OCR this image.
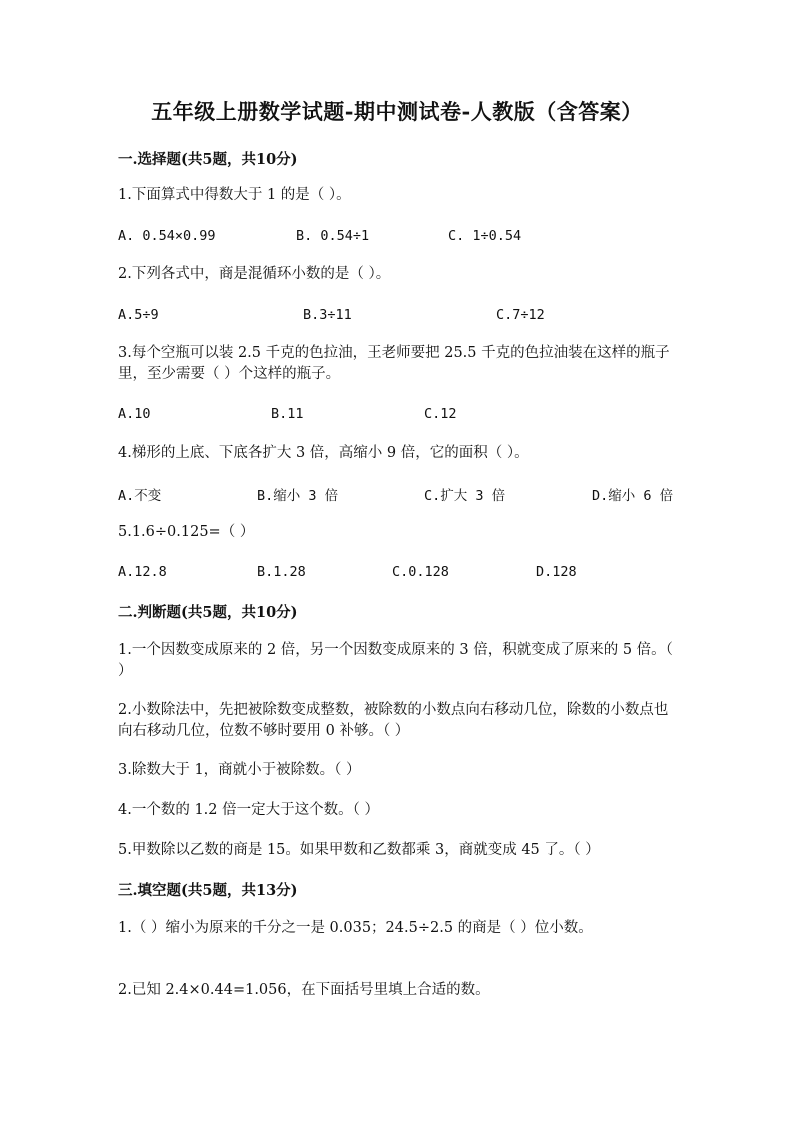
五年级上册数学试题-期中测试卷-人教版（含答案）
一.选择题(共5题，共10分)
1.下面算式中得数大于 1 的是（ ）。
A. 0.54×0.99	B. 0.54÷1	C. 1÷0.54
2.下列各式中，商是混循环小数的是（ ）。
A.5÷9	B.3÷11	C.7÷12
3.每个空瓶可以装 2.5 千克的色拉油，王老师要把 25.5 千克的色拉油装在这样的瓶子里，至少需要（ ）个这样的瓶子。
A.10	B.11	C.12
4.梯形的上底、下底各扩大 3 倍，高缩小 9 倍，它的面积（ ）。
A.不变	B.缩小 3 倍	C.扩大 3 倍	D.缩小 6 倍
5.1.6÷0.125=（ ）
A.12.8	B.1.28	C.0.128	D.128
二.判断题(共5题，共10分)
1.一个因数变成原来的 2 倍，另一个因数变成原来的 3 倍，积就变成了原来的 5 倍。（ ）
2.小数除法中，先把被除数变成整数，被除数的小数点向右移动几位，除数的小数点也向右移动几位，位数不够时要用 0 补够。（ ）
3.除数大于 1，商就小于被除数。（ ）
4.一个数的 1.2 倍一定大于这个数。（ ）
5.甲数除以乙数的商是 15。如果甲数和乙数都乘 3，商就变成 45 了。（ ）
三.填空题(共5题，共13分)
1.（ ）缩小为原来的千分之一是 0.035；24.5÷2.5 的商是（ ）位小数。
2.已知 2.4×0.44=1.056，在下面括号里填上合适的数。
